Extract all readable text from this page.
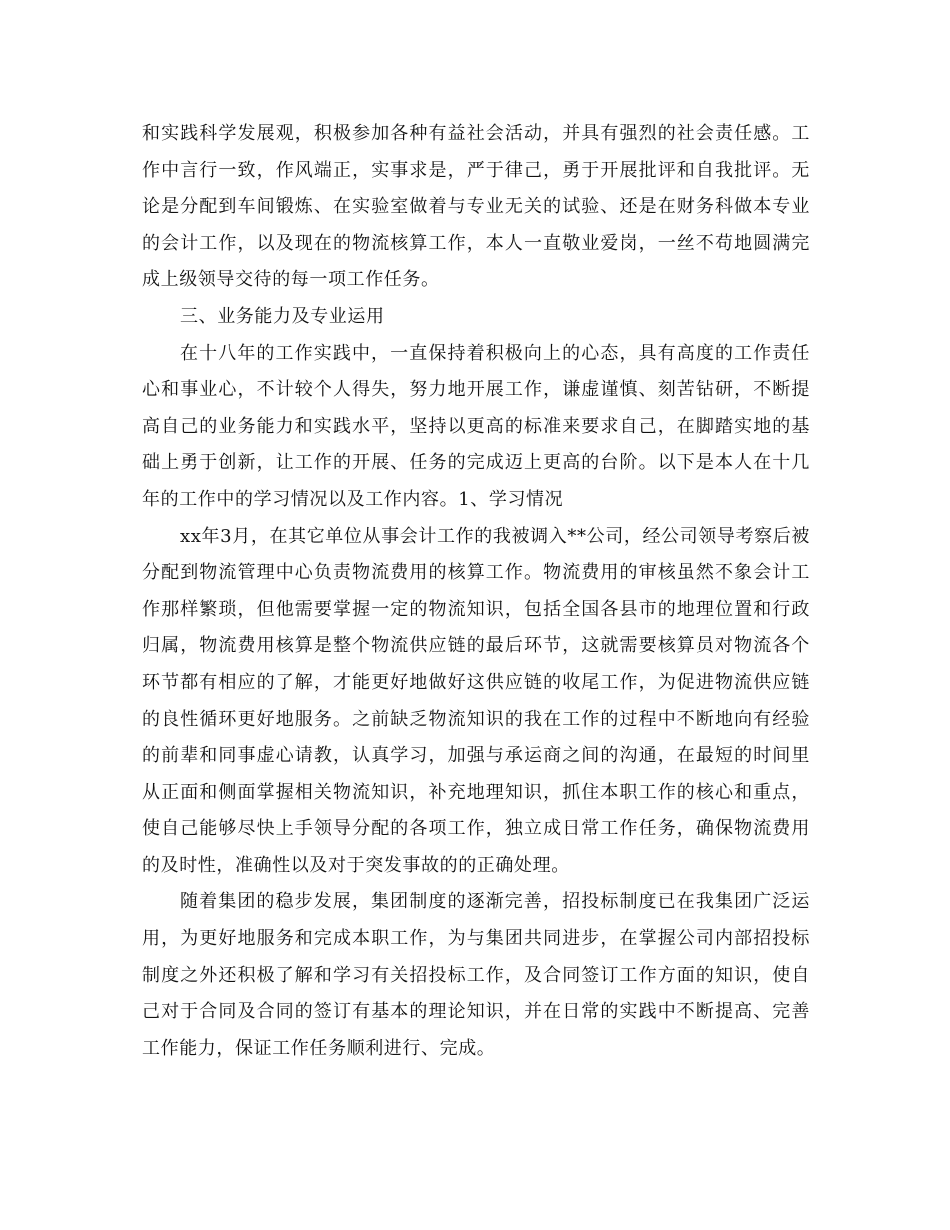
和实践科学发展观，积极参加各种有益社会活动，并具有强烈的社会责任感。工作中言行一致，作风端正，实事求是，严于律己，勇于开展批评和自我批评。无论是分配到车间锻炼、在实验室做着与专业无关的试验、还是在财务科做本专业的会计工作，以及现在的物流核算工作，本人一直敬业爱岗，一丝不苟地圆满完成上级领导交待的每一项工作任务。

三、业务能力及专业运用

在十八年的工作实践中，一直保持着积极向上的心态，具有高度的工作责任心和事业心，不计较个人得失，努力地开展工作，谦虚谨慎、刻苦钻研，不断提高自己的业务能力和实践水平，坚持以更高的标准来要求自己，在脚踏实地的基础上勇于创新，让工作的开展、任务的完成迈上更高的台阶。以下是本人在十几年的工作中的学习情况以及工作内容。1、学习情况

xx年3月，在其它单位从事会计工作的我被调入**公司，经公司领导考察后被分配到物流管理中心负责物流费用的核算工作。物流费用的审核虽然不象会计工作那样繁琐，但他需要掌握一定的物流知识，包括全国各县市的地理位置和行政归属，物流费用核算是整个物流供应链的最后环节，这就需要核算员对物流各个环节都有相应的了解，才能更好地做好这供应链的收尾工作，为促进物流供应链的良性循环更好地服务。之前缺乏物流知识的我在工作的过程中不断地向有经验的前辈和同事虚心请教，认真学习，加强与承运商之间的沟通，在最短的时间里从正面和侧面掌握相关物流知识，补充地理知识，抓住本职工作的核心和重点，使自己能够尽快上手领导分配的各项工作，独立成日常工作任务，确保物流费用的及时性，准确性以及对于突发事故的的正确处理。

随着集团的稳步发展，集团制度的逐渐完善，招投标制度已在我集团广泛运用，为更好地服务和完成本职工作，为与集团共同进步，在掌握公司内部招投标制度之外还积极了解和学习有关招投标工作，及合同签订工作方面的知识，使自己对于合同及合同的签订有基本的理论知识，并在日常的实践中不断提高、完善工作能力，保证工作任务顺利进行、完成。
